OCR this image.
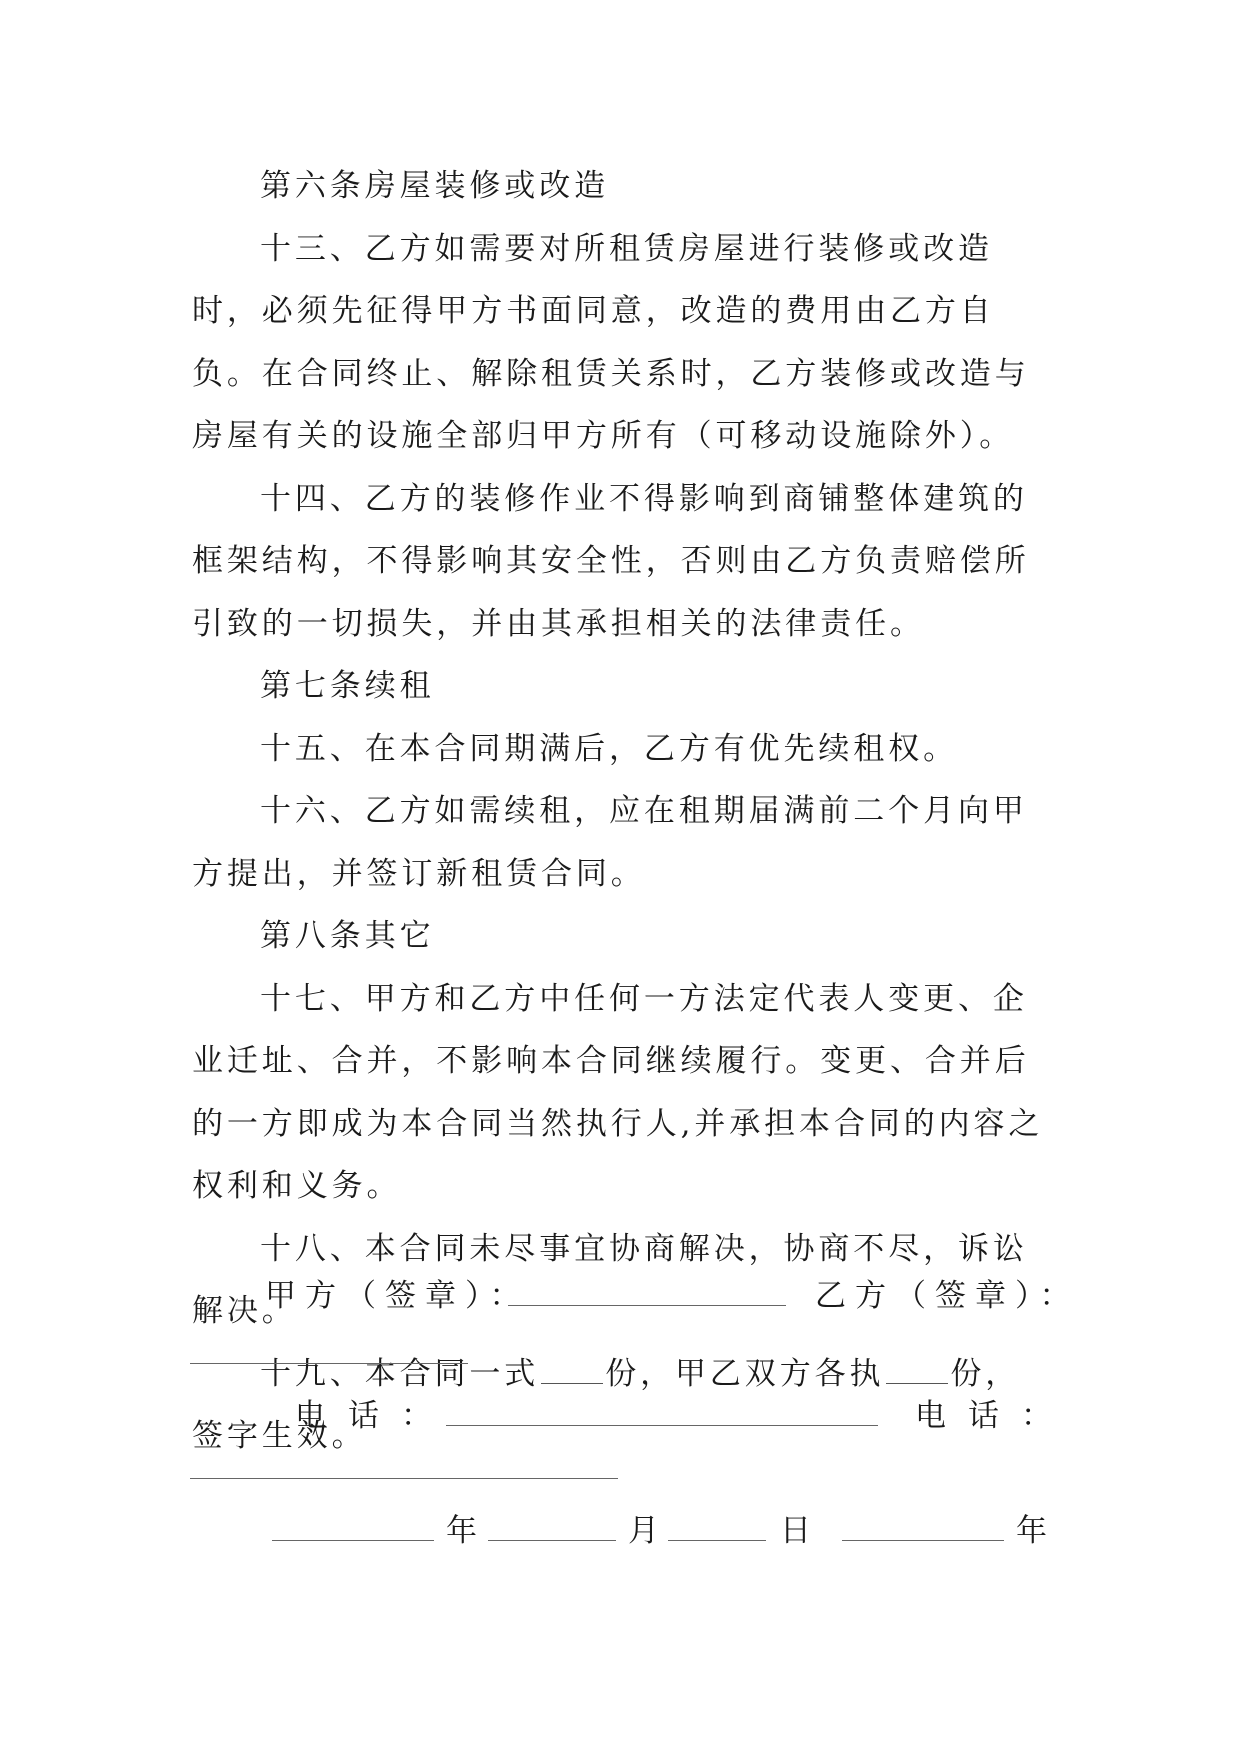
第六条房屋装修或改造

十三、乙方如需要对所租赁房屋进行装修或改造时，必须先征得甲方书面同意，改造的费用由乙方自负。在合同终止、解除租赁关系时，乙方装修或改造与房屋有关的设施全部归甲方所有（可移动设施除外）。

十四、乙方的装修作业不得影响到商铺整体建筑的框架结构，不得影响其安全性，否则由乙方负责赔偿所引致的一切损失，并由其承担相关的法律责任。

第七条续租

十五、在本合同期满后，乙方有优先续租权。

十六、乙方如需续租，应在租期届满前二个月向甲方提出，并签订新租赁合同。

第八条其它

十七、甲方和乙方中任何一方法定代表人变更、企业迁址、合并，不影响本合同继续履行。变更、合并后的一方即成为本合同当然执行人,并承担本合同的内容之权利和义务。

十八、本合同未尽事宜协商解决，协商不尽，诉讼解决。

十九、本合同一式 份，甲乙双方各执 份，签字生效。

甲方（签章）：	乙方（签章）：
电话：	电话：
年	月	日	年
